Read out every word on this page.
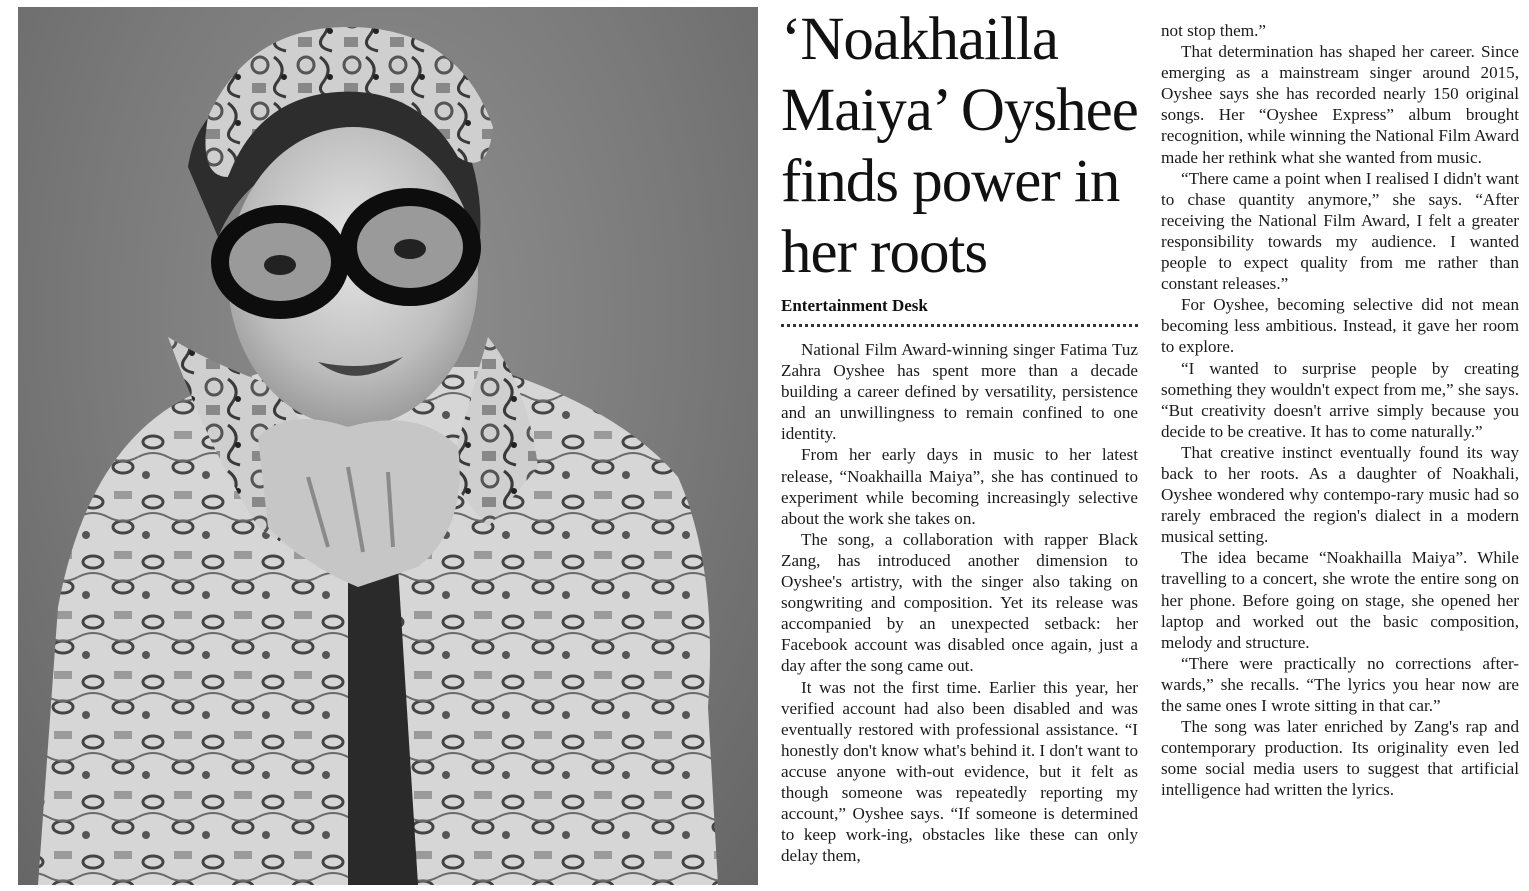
‘Noakhailla Maiya’ Oyshee finds power in her roots
Entertainment Desk

National Film Award-winning singer Fatima Tuz Zahra Oyshee has spent more than a decade building a career defined by versatility, persistence and an unwillingness to remain confined to one identity.

From her early days in music to her latest release, “Noakhailla Maiya”, she has continued to experiment while becoming increasingly selective about the work she takes on.

The song, a collaboration with rapper Black Zang, has introduced another dimension to Oyshee's artistry, with the singer also taking on songwriting and composition. Yet its release was accompanied by an unexpected setback: her Facebook account was disabled once again, just a day after the song came out.

It was not the first time. Earlier this year, her verified account had also been disabled and was eventually restored with professional assistance. “I honestly don't know what's behind it. I don't want to accuse anyone with-out evidence, but it felt as though someone was repeatedly reporting my account,” Oyshee says. “If someone is determined to keep work-ing, obstacles like these can only delay them,

not stop them.”

That determination has shaped her career. Since emerging as a mainstream singer around 2015, Oyshee says she has recorded nearly 150 original songs. Her “Oyshee Express” album brought recognition, while winning the National Film Award made her rethink what she wanted from music.

“There came a point when I realised I didn't want to chase quantity anymore,” she says. “After receiving the National Film Award, I felt a greater responsibility towards my audience. I wanted people to expect quality from me rather than constant releases.”

For Oyshee, becoming selective did not mean becoming less ambitious. Instead, it gave her room to explore.

“I wanted to surprise people by creating something they wouldn't expect from me,” she says. “But creativity doesn't arrive simply because you decide to be creative. It has to come naturally.”

That creative instinct eventually found its way back to her roots. As a daughter of Noakhali, Oyshee wondered why contempo-rary music had so rarely embraced the region's dialect in a modern musical setting.

The idea became “Noakhailla Maiya”. While travelling to a concert, she wrote the entire song on her phone. Before going on stage, she opened her laptop and worked out the basic composition, melody and structure.

“There were practically no corrections after-wards,” she recalls. “The lyrics you hear now are the same ones I wrote sitting in that car.”

The song was later enriched by Zang's rap and contemporary production. Its originality even led some social media users to suggest that artificial intelligence had written the lyrics.
